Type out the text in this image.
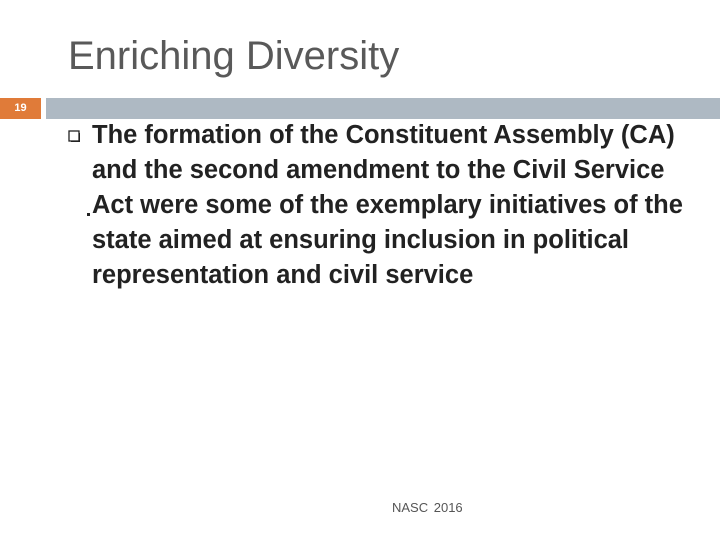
Enriching Diversity
19
The formation of the Constituent Assembly (CA) and the second amendment to the Civil Service Act were some of the exemplary initiatives of the state aimed at ensuring inclusion in political representation and civil service
NASC 2016
